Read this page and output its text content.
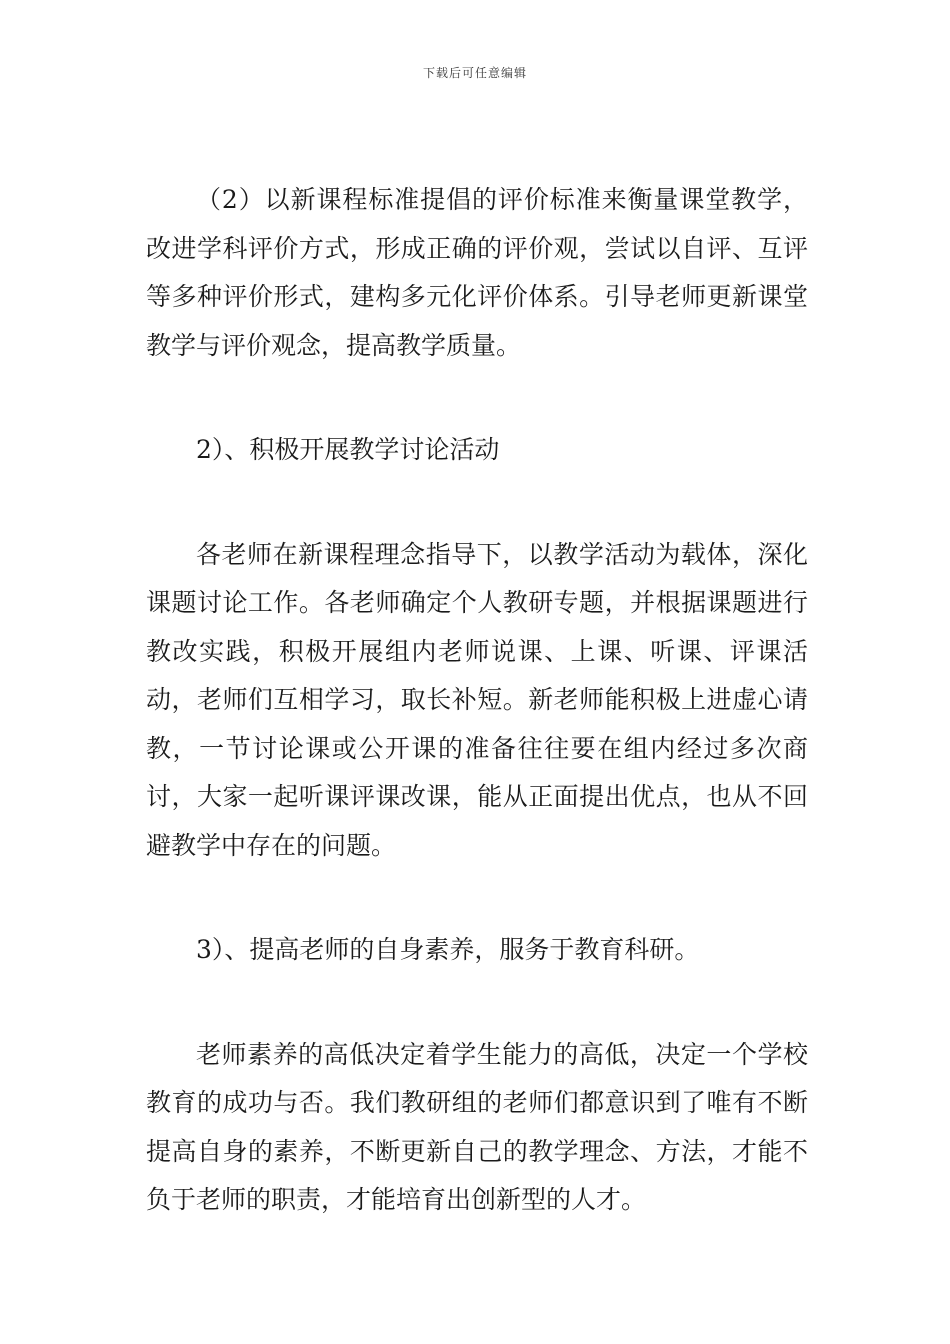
下载后可任意编辑

（2）以新课程标准提倡的评价标准来衡量课堂教学，改进学科评价方式，形成正确的评价观，尝试以自评、互评等多种评价形式，建构多元化评价体系。引导老师更新课堂教学与评价观念，提高教学质量。

2）、积极开展教学讨论活动

各老师在新课程理念指导下，以教学活动为载体，深化课题讨论工作。各老师确定个人教研专题，并根据课题进行教改实践，积极开展组内老师说课、上课、听课、评课活动，老师们互相学习，取长补短。新老师能积极上进虚心请教，一节讨论课或公开课的准备往往要在组内经过多次商讨，大家一起听课评课改课，能从正面提出优点，也从不回避教学中存在的问题。

3）、提高老师的自身素养，服务于教育科研。

老师素养的高低决定着学生能力的高低，决定一个学校教育的成功与否。我们教研组的老师们都意识到了唯有不断提高自身的素养，不断更新自己的教学理念、方法，才能不负于老师的职责，才能培育出创新型的人才。
